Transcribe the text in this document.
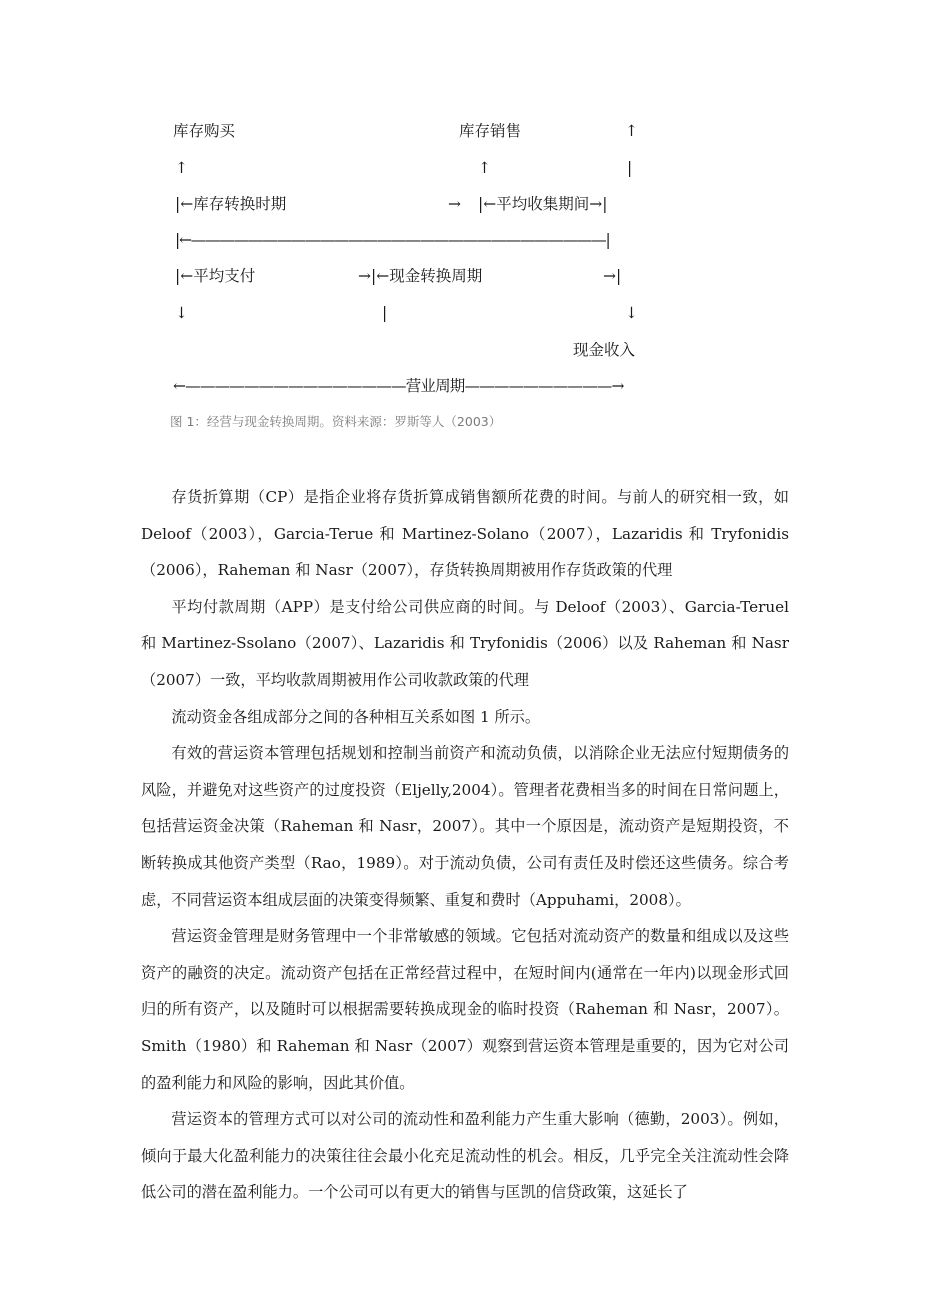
库存购买	库存销售	↑
↑	↑	|
|←库存转换时期	→ |←平均收集期间→|
|←—————————————————————————————|
|←平均支付	→|←现金转换周期	→|
↓	|	↓
现金收入
←———————————————营业周期——————————→
图 1：经营与现金转换周期。资料来源：罗斯等人（2003）

存货折算期（CP）是指企业将存货折算成销售额所花费的时间。与前人的研究相一致，如 Deloof（2003），Garcia-Terue 和 Martinez-Solano（2007），Lazaridis 和 Tryfonidis（2006），Raheman 和 Nasr（2007），存货转换周期被用作存货政策的代理

平均付款周期（APP）是支付给公司供应商的时间。与 Deloof（2003）、Garcia-Teruel 和 Martinez-Ssolano（2007）、Lazaridis 和 Tryfonidis（2006）以及 Raheman 和 Nasr（2007）一致，平均收款周期被用作公司收款政策的代理

流动资金各组成部分之间的各种相互关系如图 1 所示。

有效的营运资本管理包括规划和控制当前资产和流动负债，以消除企业无法应付短期债务的风险，并避免对这些资产的过度投资（Eljelly,2004）。管理者花费相当多的时间在日常问题上，包括营运资金决策（Raheman 和 Nasr，2007）。其中一个原因是，流动资产是短期投资，不断转换成其他资产类型（Rao，1989）。对于流动负债，公司有责任及时偿还这些债务。综合考虑，不同营运资本组成层面的决策变得频繁、重复和费时（Appuhami，2008）。

营运资金管理是财务管理中一个非常敏感的领域。它包括对流动资产的数量和组成以及这些资产的融资的决定。流动资产包括在正常经营过程中，在短时间内(通常在一年内)以现金形式回归的所有资产，以及随时可以根据需要转换成现金的临时投资（Raheman 和 Nasr，2007）。Smith（1980）和 Raheman 和 Nasr（2007）观察到营运资本管理是重要的，因为它对公司的盈利能力和风险的影响，因此其价值。

营运资本的管理方式可以对公司的流动性和盈利能力产生重大影响（德勤，2003）。例如，倾向于最大化盈利能力的决策往往会最小化充足流动性的机会。相反，几乎完全关注流动性会降低公司的潜在盈利能力。一个公司可以有更大的销售与匡凯的信贷政策，这延长了
